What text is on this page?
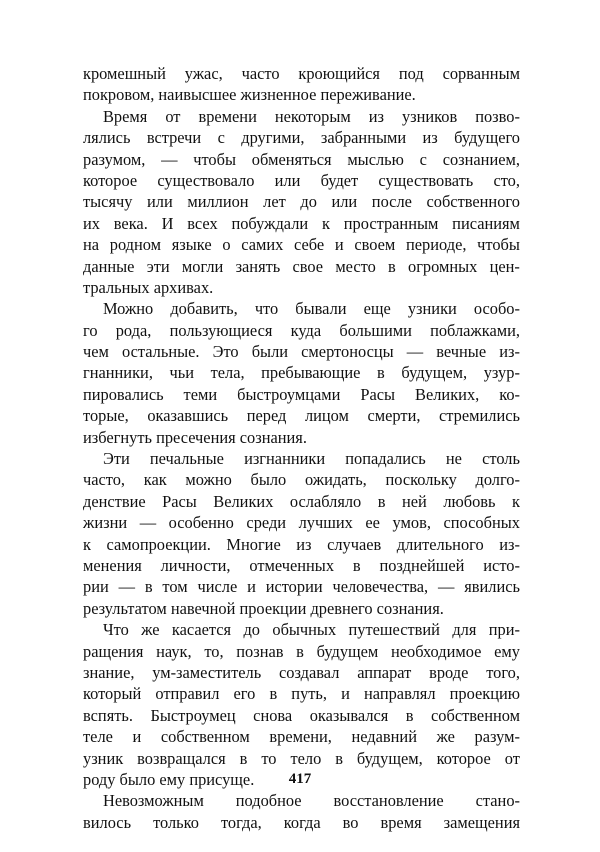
кромешный ужас, часто кроющийся под сорванным
покровом, наивысшее жизненное переживание.
Время от времени некоторым из узников позво-
лялись встречи с другими, забранными из будущего
разумом, — чтобы обменяться мыслью с сознанием,
которое существовало или будет существовать сто,
тысячу или миллион лет до или после собственного
их века. И всех побуждали к пространным писаниям
на родном языке о самих себе и своем периоде, чтобы
данные эти могли занять свое место в огромных цен-
тральных архивах.
Можно добавить, что бывали еще узники особо-
го рода, пользующиеся куда большими поблажками,
чем остальные. Это были смертоносцы — вечные из-
гнанники, чьи тела, пребывающие в будущем, узур-
пировались теми быстроумцами Расы Великих, ко-
торые, оказавшись перед лицом смерти, стремились
избегнуть пресечения сознания.
Эти печальные изгнанники попадались не столь
часто, как можно было ожидать, поскольку долго-
денствие Расы Великих ослабляло в ней любовь к
жизни — особенно среди лучших ее умов, способных
к самопроекции. Многие из случаев длительного из-
менения личности, отмеченных в позднейшей исто-
рии — в том числе и истории человечества, — явились
результатом навечной проекции древнего сознания.
Что же касается до обычных путешествий для при-
ращения наук, то, познав в будущем необходимое ему
знание, ум-заместитель создавал аппарат вроде того,
который отправил его в путь, и направлял проекцию
вспять. Быстроумец снова оказывался в собственном
теле и собственном времени, недавний же разум-
узник возвращался в то тело в будущем, которое от
роду было ему присуще.
Невозможным подобное восстановление стано-
вилось только тогда, когда во время замещения
417
